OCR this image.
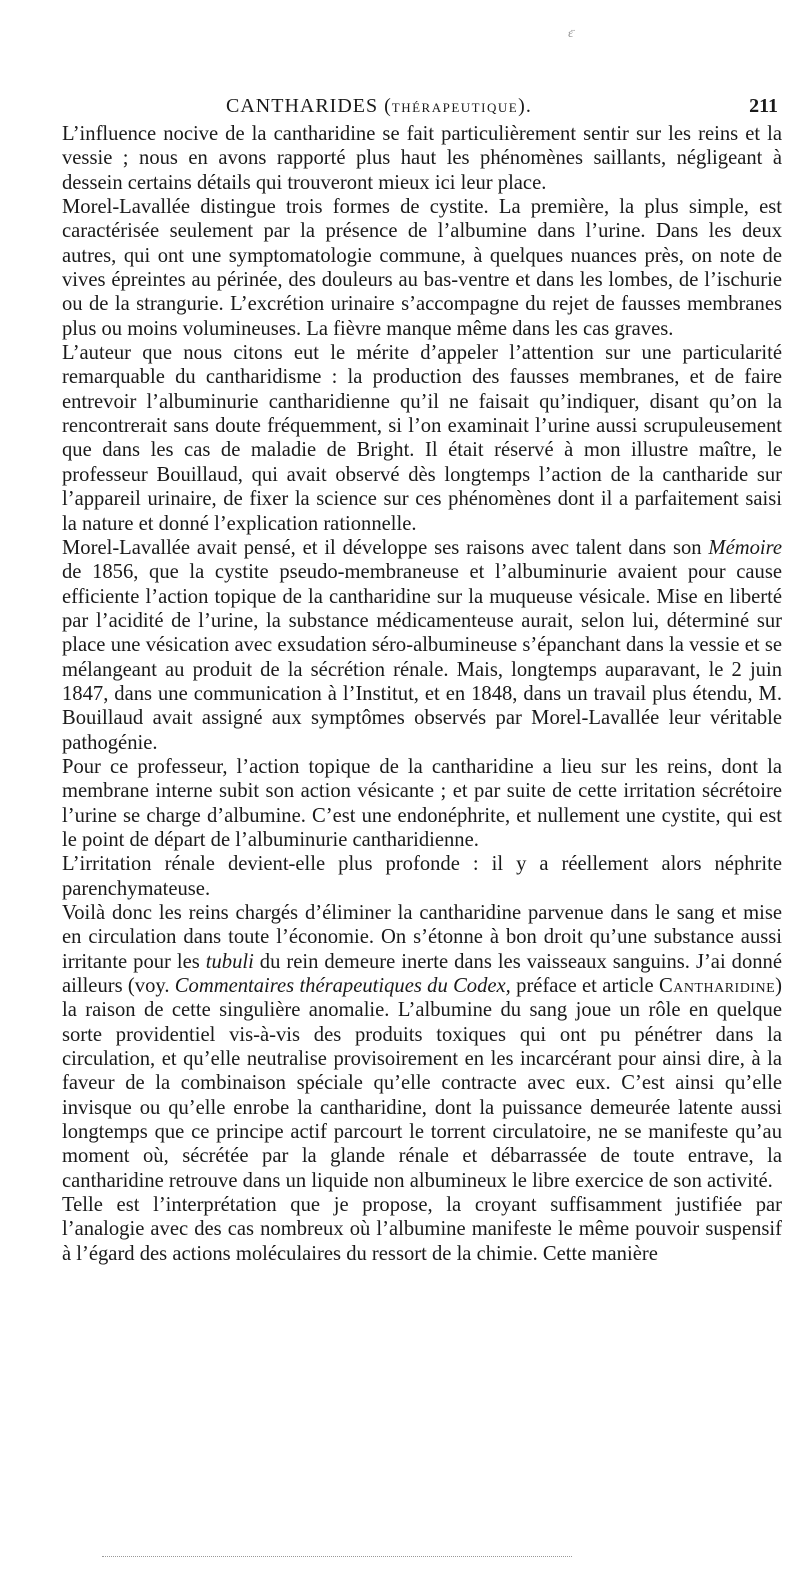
ɛ̈
CANTHARIDES (THÉRAPEUTIQUE).	211

L’influence nocive de la cantharidine se fait particulièrement sentir sur les reins et la vessie ; nous en avons rapporté plus haut les phénomènes saillants, négligeant à dessein certains détails qui trouveront mieux ici leur place.

Morel-Lavallée distingue trois formes de cystite. La première, la plus simple, est caractérisée seulement par la présence de l’albumine dans l’urine. Dans les deux autres, qui ont une symptomatologie commune, à quelques nuances près, on note de vives épreintes au périnée, des douleurs au bas-ventre et dans les lombes, de l’ischurie ou de la strangurie. L’excrétion urinaire s’accompagne du rejet de fausses membranes plus ou moins volumineuses. La fièvre manque même dans les cas graves.

L’auteur que nous citons eut le mérite d’appeler l’attention sur une particularité remarquable du cantharidisme : la production des fausses membranes, et de faire entrevoir l’albuminurie cantharidienne qu’il ne faisait qu’indiquer, disant qu’on la rencontrerait sans doute fréquemment, si l’on examinait l’urine aussi scrupuleusement que dans les cas de maladie de Bright. Il était réservé à mon illustre maître, le professeur Bouillaud, qui avait observé dès longtemps l’action de la cantharide sur l’appareil urinaire, de fixer la science sur ces phénomènes dont il a parfaitement saisi la nature et donné l’explication rationnelle.

Morel-Lavallée avait pensé, et il développe ses raisons avec talent dans son Mémoire de 1856, que la cystite pseudo-membraneuse et l’albuminurie avaient pour cause efficiente l’action topique de la cantharidine sur la muqueuse vésicale. Mise en liberté par l’acidité de l’urine, la substance médicamenteuse aurait, selon lui, déterminé sur place une vésication avec exsudation séro-albumineuse s’épanchant dans la vessie et se mélangeant au produit de la sécrétion rénale. Mais, longtemps auparavant, le 2 juin 1847, dans une communication à l’Institut, et en 1848, dans un travail plus étendu, M. Bouillaud avait assigné aux symptômes observés par Morel-Lavallée leur véritable pathogénie.

Pour ce professeur, l’action topique de la cantharidine a lieu sur les reins, dont la membrane interne subit son action vésicante ; et par suite de cette irritation sécrétoire l’urine se charge d’albumine. C’est une endonéphrite, et nullement une cystite, qui est le point de départ de l’albuminurie cantharidienne.

L’irritation rénale devient-elle plus profonde : il y a réellement alors néphrite parenchymateuse.

Voilà donc les reins chargés d’éliminer la cantharidine parvenue dans le sang et mise en circulation dans toute l’économie. On s’étonne à bon droit qu’une substance aussi irritante pour les tubuli du rein demeure inerte dans les vaisseaux sanguins. J’ai donné ailleurs (voy. Commentaires thérapeutiques du Codex, préface et article Cantharidine) la raison de cette singulière anomalie. L’albumine du sang joue un rôle en quelque sorte providentiel vis-à-vis des produits toxiques qui ont pu pénétrer dans la circulation, et qu’elle neutralise provisoirement en les incarcérant pour ainsi dire, à la faveur de la combinaison spéciale qu’elle contracte avec eux. C’est ainsi qu’elle invisque ou qu’elle enrobe la cantharidine, dont la puissance demeurée latente aussi longtemps que ce principe actif parcourt le torrent circulatoire, ne se manifeste qu’au moment où, sécrétée par la glande rénale et débarrassée de toute entrave, la cantharidine retrouve dans un liquide non albumineux le libre exercice de son activité.

Telle est l’interprétation que je propose, la croyant suffisamment justifiée par l’analogie avec des cas nombreux où l’albumine manifeste le même pouvoir suspensif à l’égard des actions moléculaires du ressort de la chimie. Cette manière
